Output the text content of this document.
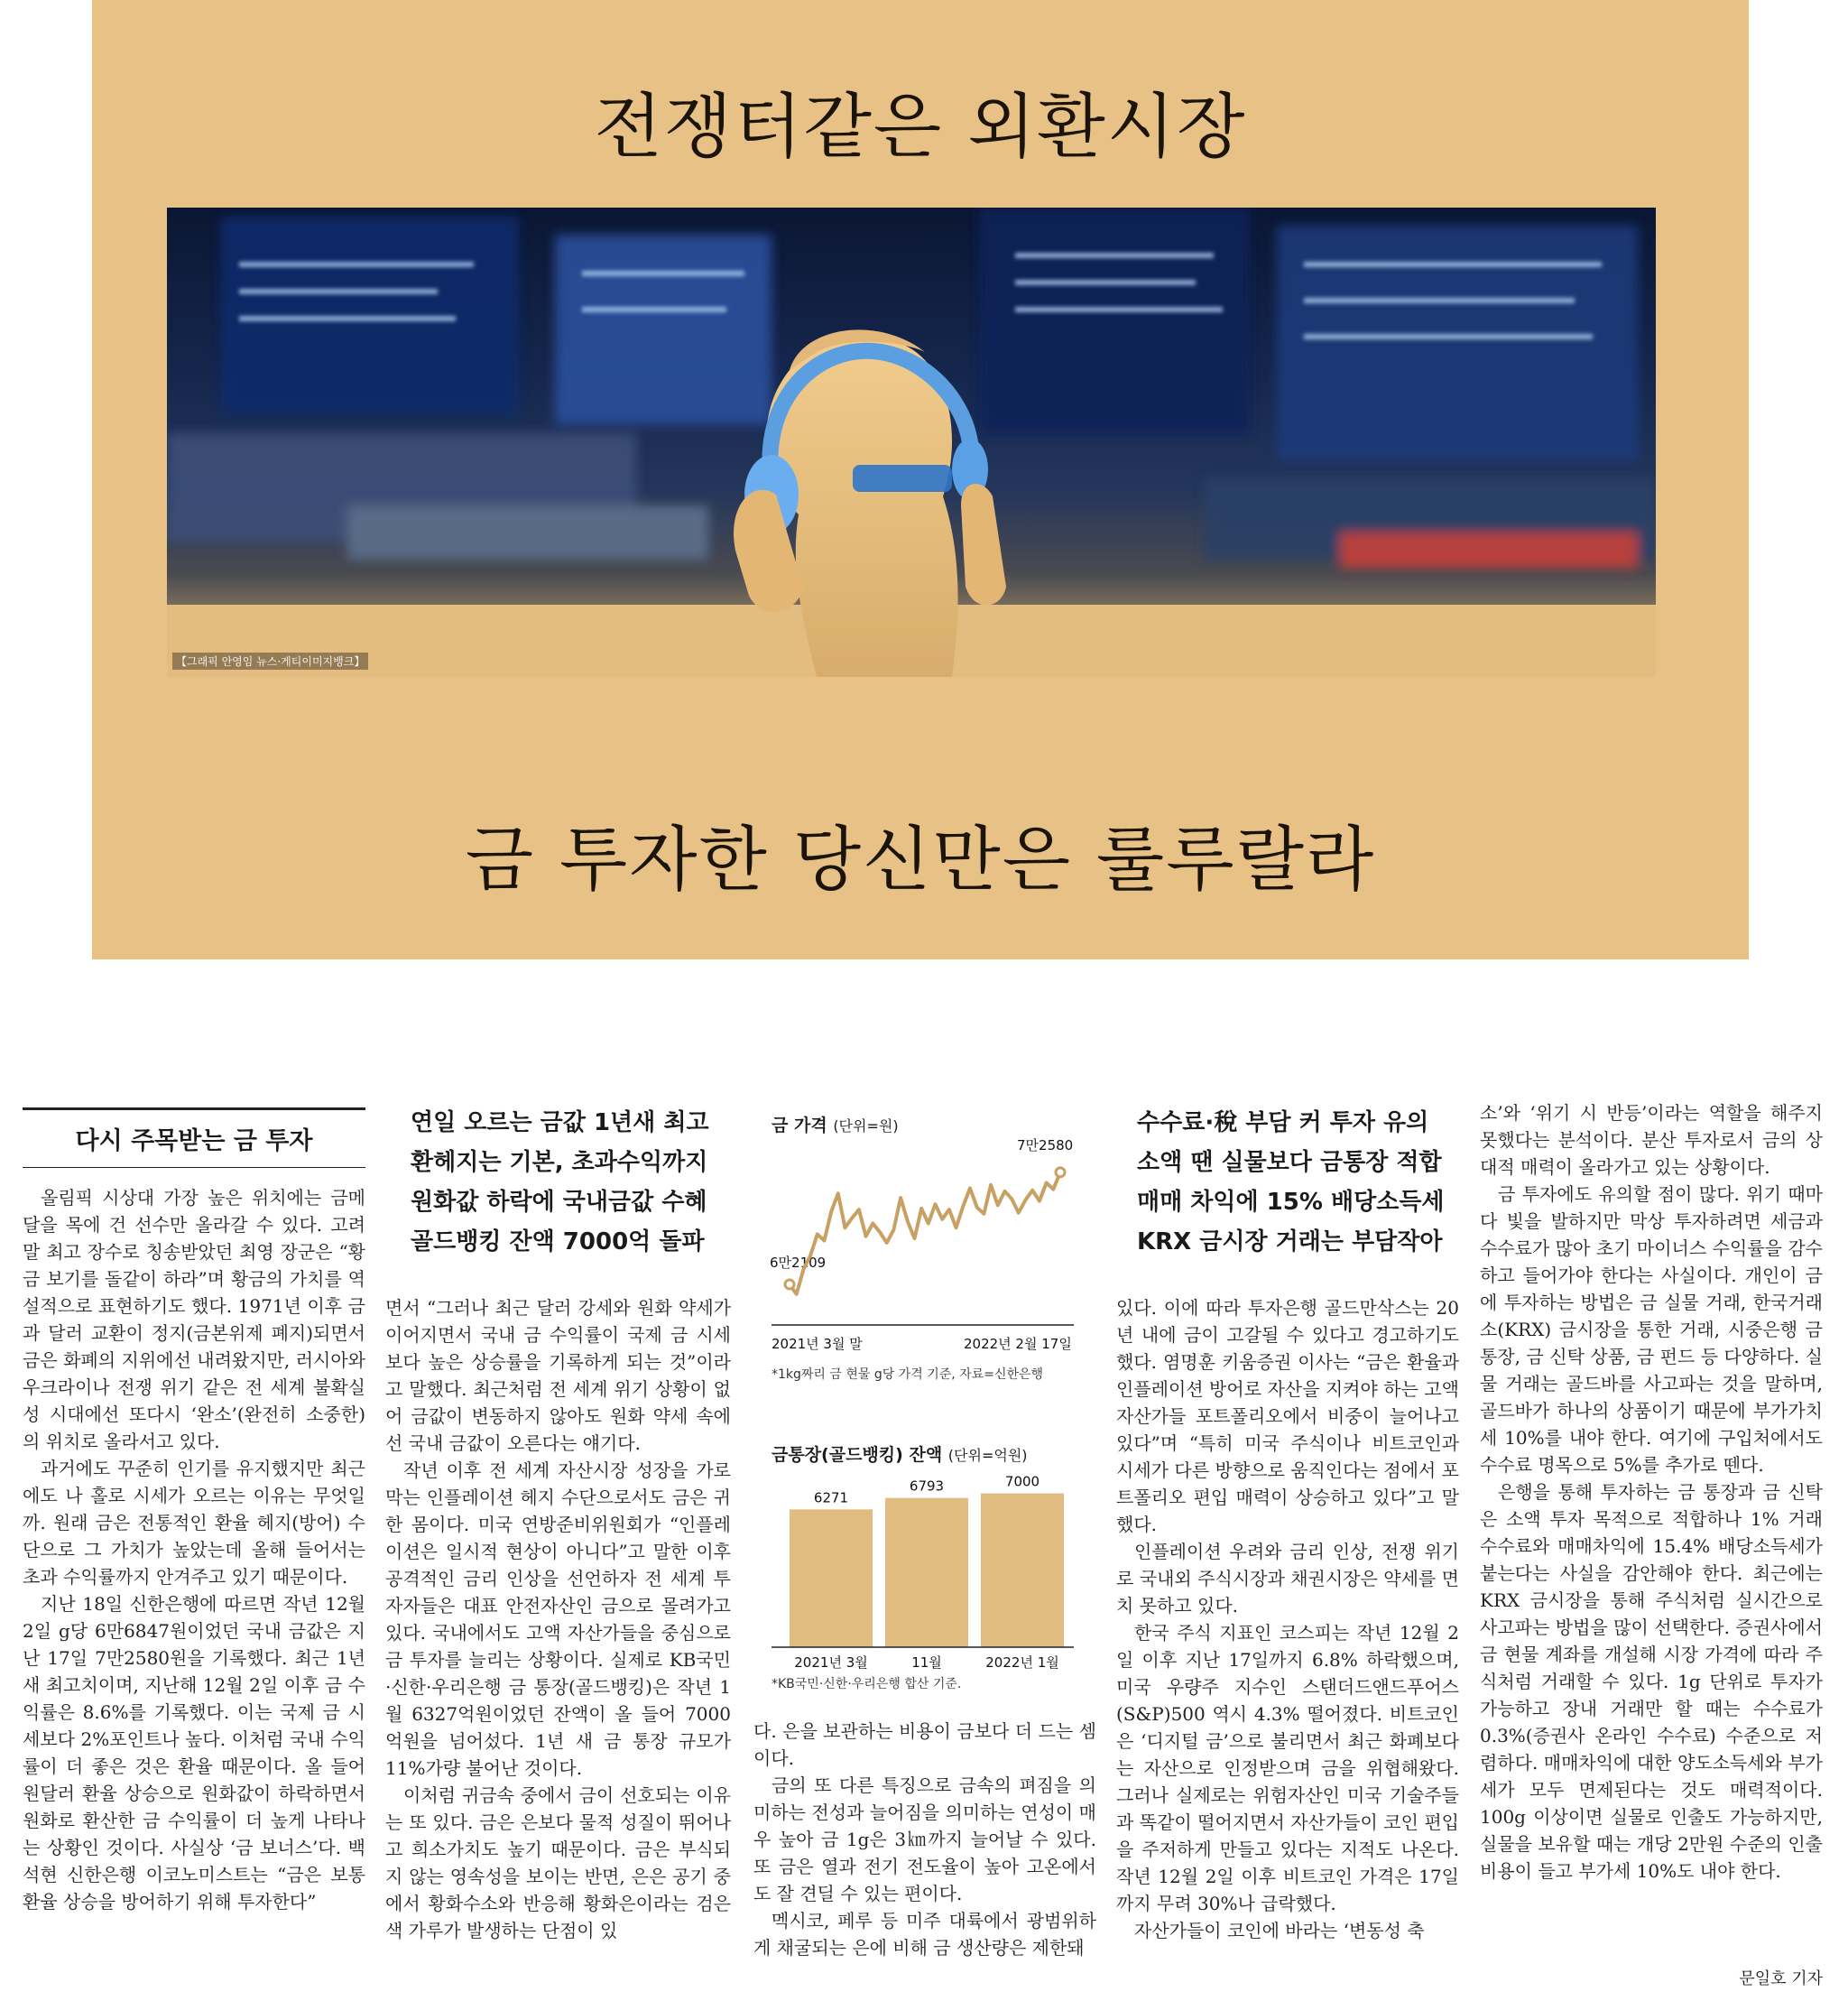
전쟁터같은 외환시장
【그래픽 안영임 뉴스·게티이미지뱅크】
금 투자한 당신만은 룰루랄라
다시 주목받는 금 투자

올림픽 시상대 가장 높은 위치에는 금메달을 목에 건 선수만 올라갈 수 있다. 고려 말 최고 장수로 칭송받았던 최영 장군은 “황금 보기를 돌같이 하라”며 황금의 가치를 역설적으로 표현하기도 했다. 1971년 이후 금과 달러 교환이 정지(금본위제 폐지)되면서 금은 화폐의 지위에선 내려왔지만, 러시아와 우크라이나 전쟁 위기 같은 전 세계 불확실성 시대에선 또다시 ‘완소’(완전히 소중한)의 위치로 올라서고 있다.

과거에도 꾸준히 인기를 유지했지만 최근에도 나 홀로 시세가 오르는 이유는 무엇일까. 원래 금은 전통적인 환율 헤지(방어) 수단으로 그 가치가 높았는데 올해 들어서는 초과 수익률까지 안겨주고 있기 때문이다.

지난 18일 신한은행에 따르면 작년 12월 2일 g당 6만6847원이었던 국내 금값은 지난 17일 7만2580원을 기록했다. 최근 1년새 최고치이며, 지난해 12월 2일 이후 금 수익률은 8.6%를 기록했다. 이는 국제 금 시세보다 2%포인트나 높다. 이처럼 국내 수익률이 더 좋은 것은 환율 때문이다. 올 들어 원달러 환율 상승으로 원화값이 하락하면서 원화로 환산한 금 수익률이 더 높게 나타나는 상황인 것이다. 사실상 ‘금 보너스’다. 백석현 신한은행 이코노미스트는 “금은 보통 환율 상승을 방어하기 위해 투자한다”

연일 오르는 금값 1년새 최고
환헤지는 기본, 초과수익까지
원화값 하락에 국내금값 수혜
골드뱅킹 잔액 7000억 돌파

면서 “그러나 최근 달러 강세와 원화 약세가 이어지면서 국내 금 수익률이 국제 금 시세보다 높은 상승률을 기록하게 되는 것”이라고 말했다. 최근처럼 전 세계 위기 상황이 없어 금값이 변동하지 않아도 원화 약세 속에선 국내 금값이 오른다는 얘기다.

작년 이후 전 세계 자산시장 성장을 가로막는 인플레이션 헤지 수단으로서도 금은 귀한 몸이다. 미국 연방준비위원회가 “인플레이션은 일시적 현상이 아니다”고 말한 이후 공격적인 금리 인상을 선언하자 전 세계 투자자들은 대표 안전자산인 금으로 몰려가고 있다. 국내에서도 고액 자산가들을 중심으로 금 투자를 늘리는 상황이다. 실제로 KB국민·신한·우리은행 금 통장(골드뱅킹)은 작년 1월 6327억원이었던 잔액이 올 들어 7000억원을 넘어섰다. 1년 새 금 통장 규모가 11%가량 불어난 것이다.

이처럼 귀금속 중에서 금이 선호되는 이유는 또 있다. 금은 은보다 물적 성질이 뛰어나고 희소가치도 높기 때문이다. 금은 부식되지 않는 영속성을 보이는 반면, 은은 공기 중에서 황화수소와 반응해 황화은이라는 검은색 가루가 발생하는 단점이 있

금 가격 (단위=원)
7만2580
6만2109
2021년 3월 말	2022년 2월 17일
*1kg짜리 금 현물 g당 가격 기준, 자료=신한은행
금통장(골드뱅킹) 잔액 (단위=억원)
6271
6793	7000
2021년 3월	11월	2022년 1월
*KB국민·신한·우리은행 합산 기준.

다. 은을 보관하는 비용이 금보다 더 드는 셈이다.

금의 또 다른 특징으로 금속의 펴짐을 의미하는 전성과 늘어짐을 의미하는 연성이 매우 높아 금 1g은 3㎞까지 늘어날 수 있다. 또 금은 열과 전기 전도율이 높아 고온에서도 잘 견딜 수 있는 편이다.

멕시코, 페루 등 미주 대륙에서 광범위하게 채굴되는 은에 비해 금 생산량은 제한돼

수수료·稅 부담 커 투자 유의
소액 땐 실물보다 금통장 적합
매매 차익에 15% 배당소득세
KRX 금시장 거래는 부담작아

있다. 이에 따라 투자은행 골드만삭스는 20년 내에 금이 고갈될 수 있다고 경고하기도 했다. 염명훈 키움증권 이사는 “금은 환율과 인플레이션 방어로 자산을 지켜야 하는 고액 자산가들 포트폴리오에서 비중이 늘어나고 있다”며 “특히 미국 주식이나 비트코인과 시세가 다른 방향으로 움직인다는 점에서 포트폴리오 편입 매력이 상승하고 있다”고 말했다.

인플레이션 우려와 금리 인상, 전쟁 위기로 국내외 주식시장과 채권시장은 약세를 면치 못하고 있다.

한국 주식 지표인 코스피는 작년 12월 2일 이후 지난 17일까지 6.8% 하락했으며, 미국 우량주 지수인 스탠더드앤드푸어스(S&P)500 역시 4.3% 떨어졌다. 비트코인은 ‘디지털 금’으로 불리면서 최근 화폐보다는 자산으로 인정받으며 금을 위협해왔다. 그러나 실제로는 위험자산인 미국 기술주들과 똑같이 떨어지면서 자산가들이 코인 편입을 주저하게 만들고 있다는 지적도 나온다. 작년 12월 2일 이후 비트코인 가격은 17일까지 무려 30%나 급락했다.

자산가들이 코인에 바라는 ‘변동성 축

소’와 ‘위기 시 반등’이라는 역할을 해주지 못했다는 분석이다. 분산 투자로서 금의 상대적 매력이 올라가고 있는 상황이다.

금 투자에도 유의할 점이 많다. 위기 때마다 빛을 발하지만 막상 투자하려면 세금과 수수료가 많아 초기 마이너스 수익률을 감수하고 들어가야 한다는 사실이다. 개인이 금에 투자하는 방법은 금 실물 거래, 한국거래소(KRX) 금시장을 통한 거래, 시중은행 금 통장, 금 신탁 상품, 금 펀드 등 다양하다. 실물 거래는 골드바를 사고파는 것을 말하며, 골드바가 하나의 상품이기 때문에 부가가치세 10%를 내야 한다. 여기에 구입처에서도 수수료 명목으로 5%를 추가로 뗀다.

은행을 통해 투자하는 금 통장과 금 신탁은 소액 투자 목적으로 적합하나 1% 거래 수수료와 매매차익에 15.4% 배당소득세가 붙는다는 사실을 감안해야 한다. 최근에는 KRX 금시장을 통해 주식처럼 실시간으로 사고파는 방법을 많이 선택한다. 증권사에서 금 현물 계좌를 개설해 시장 가격에 따라 주식처럼 거래할 수 있다. 1g 단위로 투자가 가능하고 장내 거래만 할 때는 수수료가 0.3%(증권사 온라인 수수료) 수준으로 저렴하다. 매매차익에 대한 양도소득세와 부가세가 모두 면제된다는 것도 매력적이다. 100g 이상이면 실물로 인출도 가능하지만, 실물을 보유할 때는 개당 2만원 수준의 인출 비용이 들고 부가세 10%도 내야 한다.

문일호 기자
